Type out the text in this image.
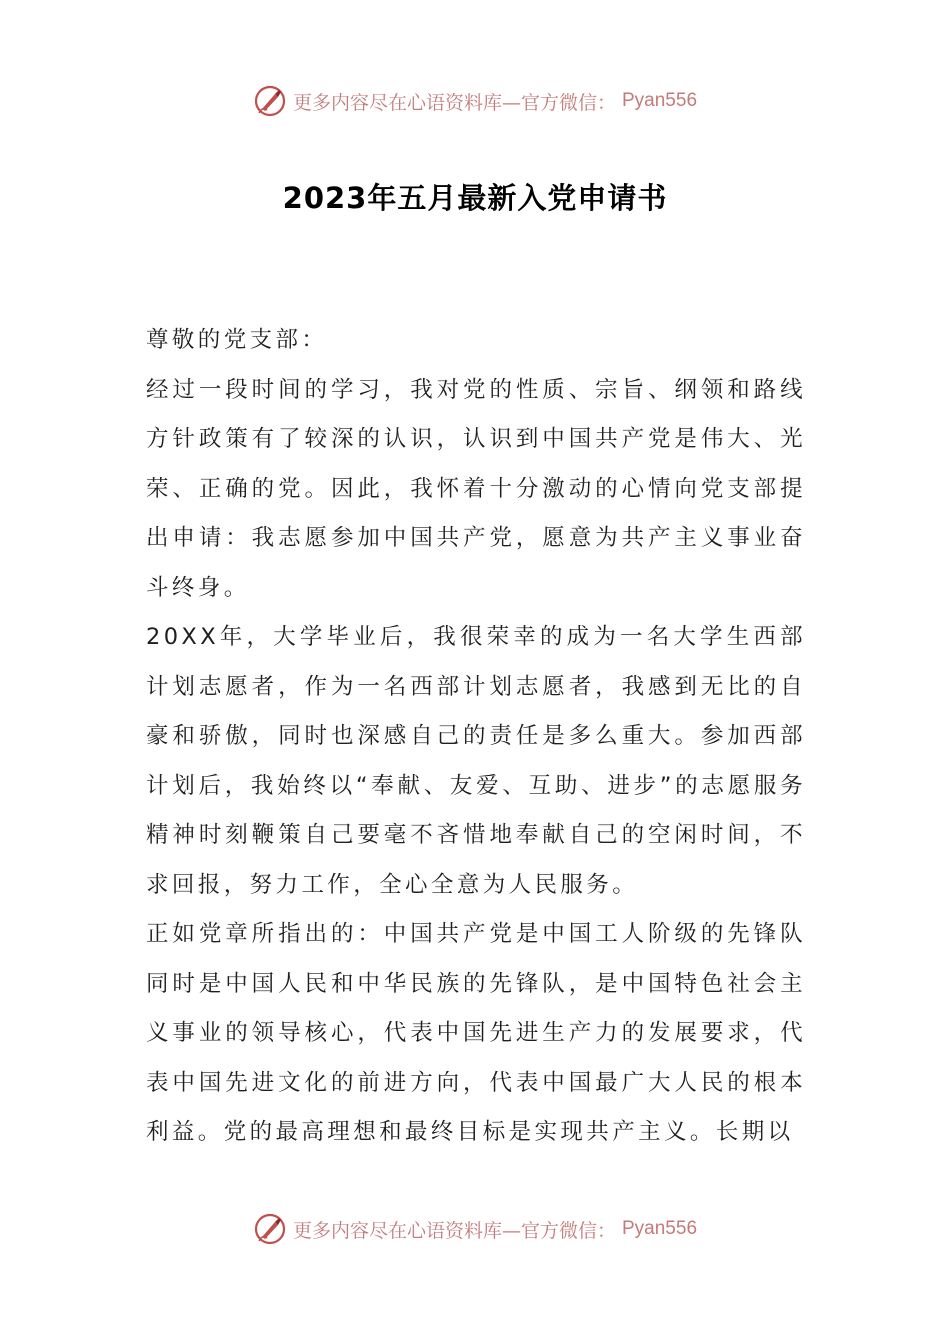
更多内容尽在心语资料库—官方微信： Pyan556
2023年五月最新入党申请书

尊敬的党支部：

经过一段时间的学习，我对党的性质、宗旨、纲领和路线方针政策有了较深的认识，认识到中国共产党是伟大、光荣、正确的党。因此，我怀着十分激动的心情向党支部提出申请：我志愿参加中国共产党，愿意为共产主义事业奋斗终身。

20XX年，大学毕业后，我很荣幸的成为一名大学生西部计划志愿者，作为一名西部计划志愿者，我感到无比的自豪和骄傲，同时也深感自己的责任是多么重大。参加西部计划后，我始终以“奉献、友爱、互助、进步”的志愿服务精神时刻鞭策自己要毫不吝惜地奉献自己的空闲时间，不求回报，努力工作，全心全意为人民服务。

正如党章所指出的：中国共产党是中国工人阶级的先锋队同时是中国人民和中华民族的先锋队，是中国特色社会主义事业的领导核心，代表中国先进生产力的发展要求，代表中国先进文化的前进方向，代表中国最广大人民的根本利益。党的最高理想和最终目标是实现共产主义。长期以

更多内容尽在心语资料库—官方微信： Pyan556
